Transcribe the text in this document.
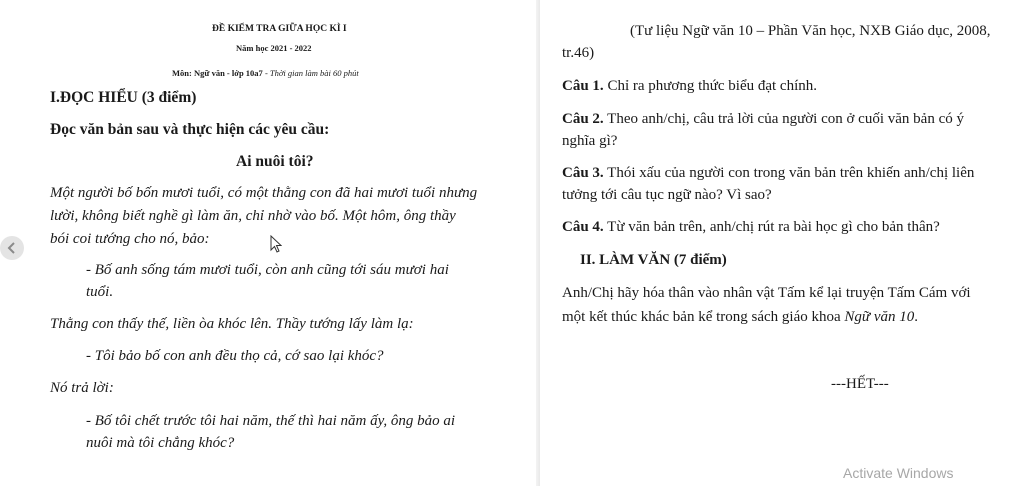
ĐỀ KIỂM TRA GIỮA HỌC KÌ I
Năm học 2021 - 2022
Môn: Ngữ văn - lớp 10a7 - Thời gian làm bài 60 phút
I.ĐỌC HIỂU (3 điểm)
Đọc văn bản sau và thực hiện các yêu cầu:
Ai nuôi tôi?
Một người bố bốn mươi tuổi, có một thằng con đã hai mươi tuổi nhưng
lười, không biết nghề gì làm ăn, chỉ nhờ vào bố. Một hôm, ông thầy
bói coi tướng cho nó, bảo:
- Bố anh sống tám mươi tuổi, còn anh cũng tới sáu mươi hai
tuổi.
Thằng con thấy thế, liền òa khóc lên. Thầy tướng lấy làm lạ:
- Tôi bảo bố con anh đều thọ cả, cớ sao lại khóc?
Nó trả lời:
- Bố tôi chết trước tôi hai năm, thế thì hai năm ấy, ông bảo ai
nuôi mà tôi chẳng khóc?
(Tư liệu Ngữ văn 10 – Phần Văn học, NXB Giáo dục, 2008,
tr.46)
Câu 1. Chỉ ra phương thức biểu đạt chính.
Câu 2. Theo anh/chị, câu trả lời của người con ở cuối văn bản có ý
nghĩa gì?
Câu 3. Thói xấu của người con trong văn bản trên khiến anh/chị liên
tưởng tới câu tục ngữ nào? Vì sao?
Câu 4. Từ văn bản trên, anh/chị rút ra bài học gì cho bản thân?
II. LÀM VĂN (7 điểm)
Anh/Chị hãy hóa thân vào nhân vật Tấm kể lại truyện Tấm Cám với
một kết thúc khác bản kể trong sách giáo khoa Ngữ văn 10.
---HẾT---
Activate Windows
